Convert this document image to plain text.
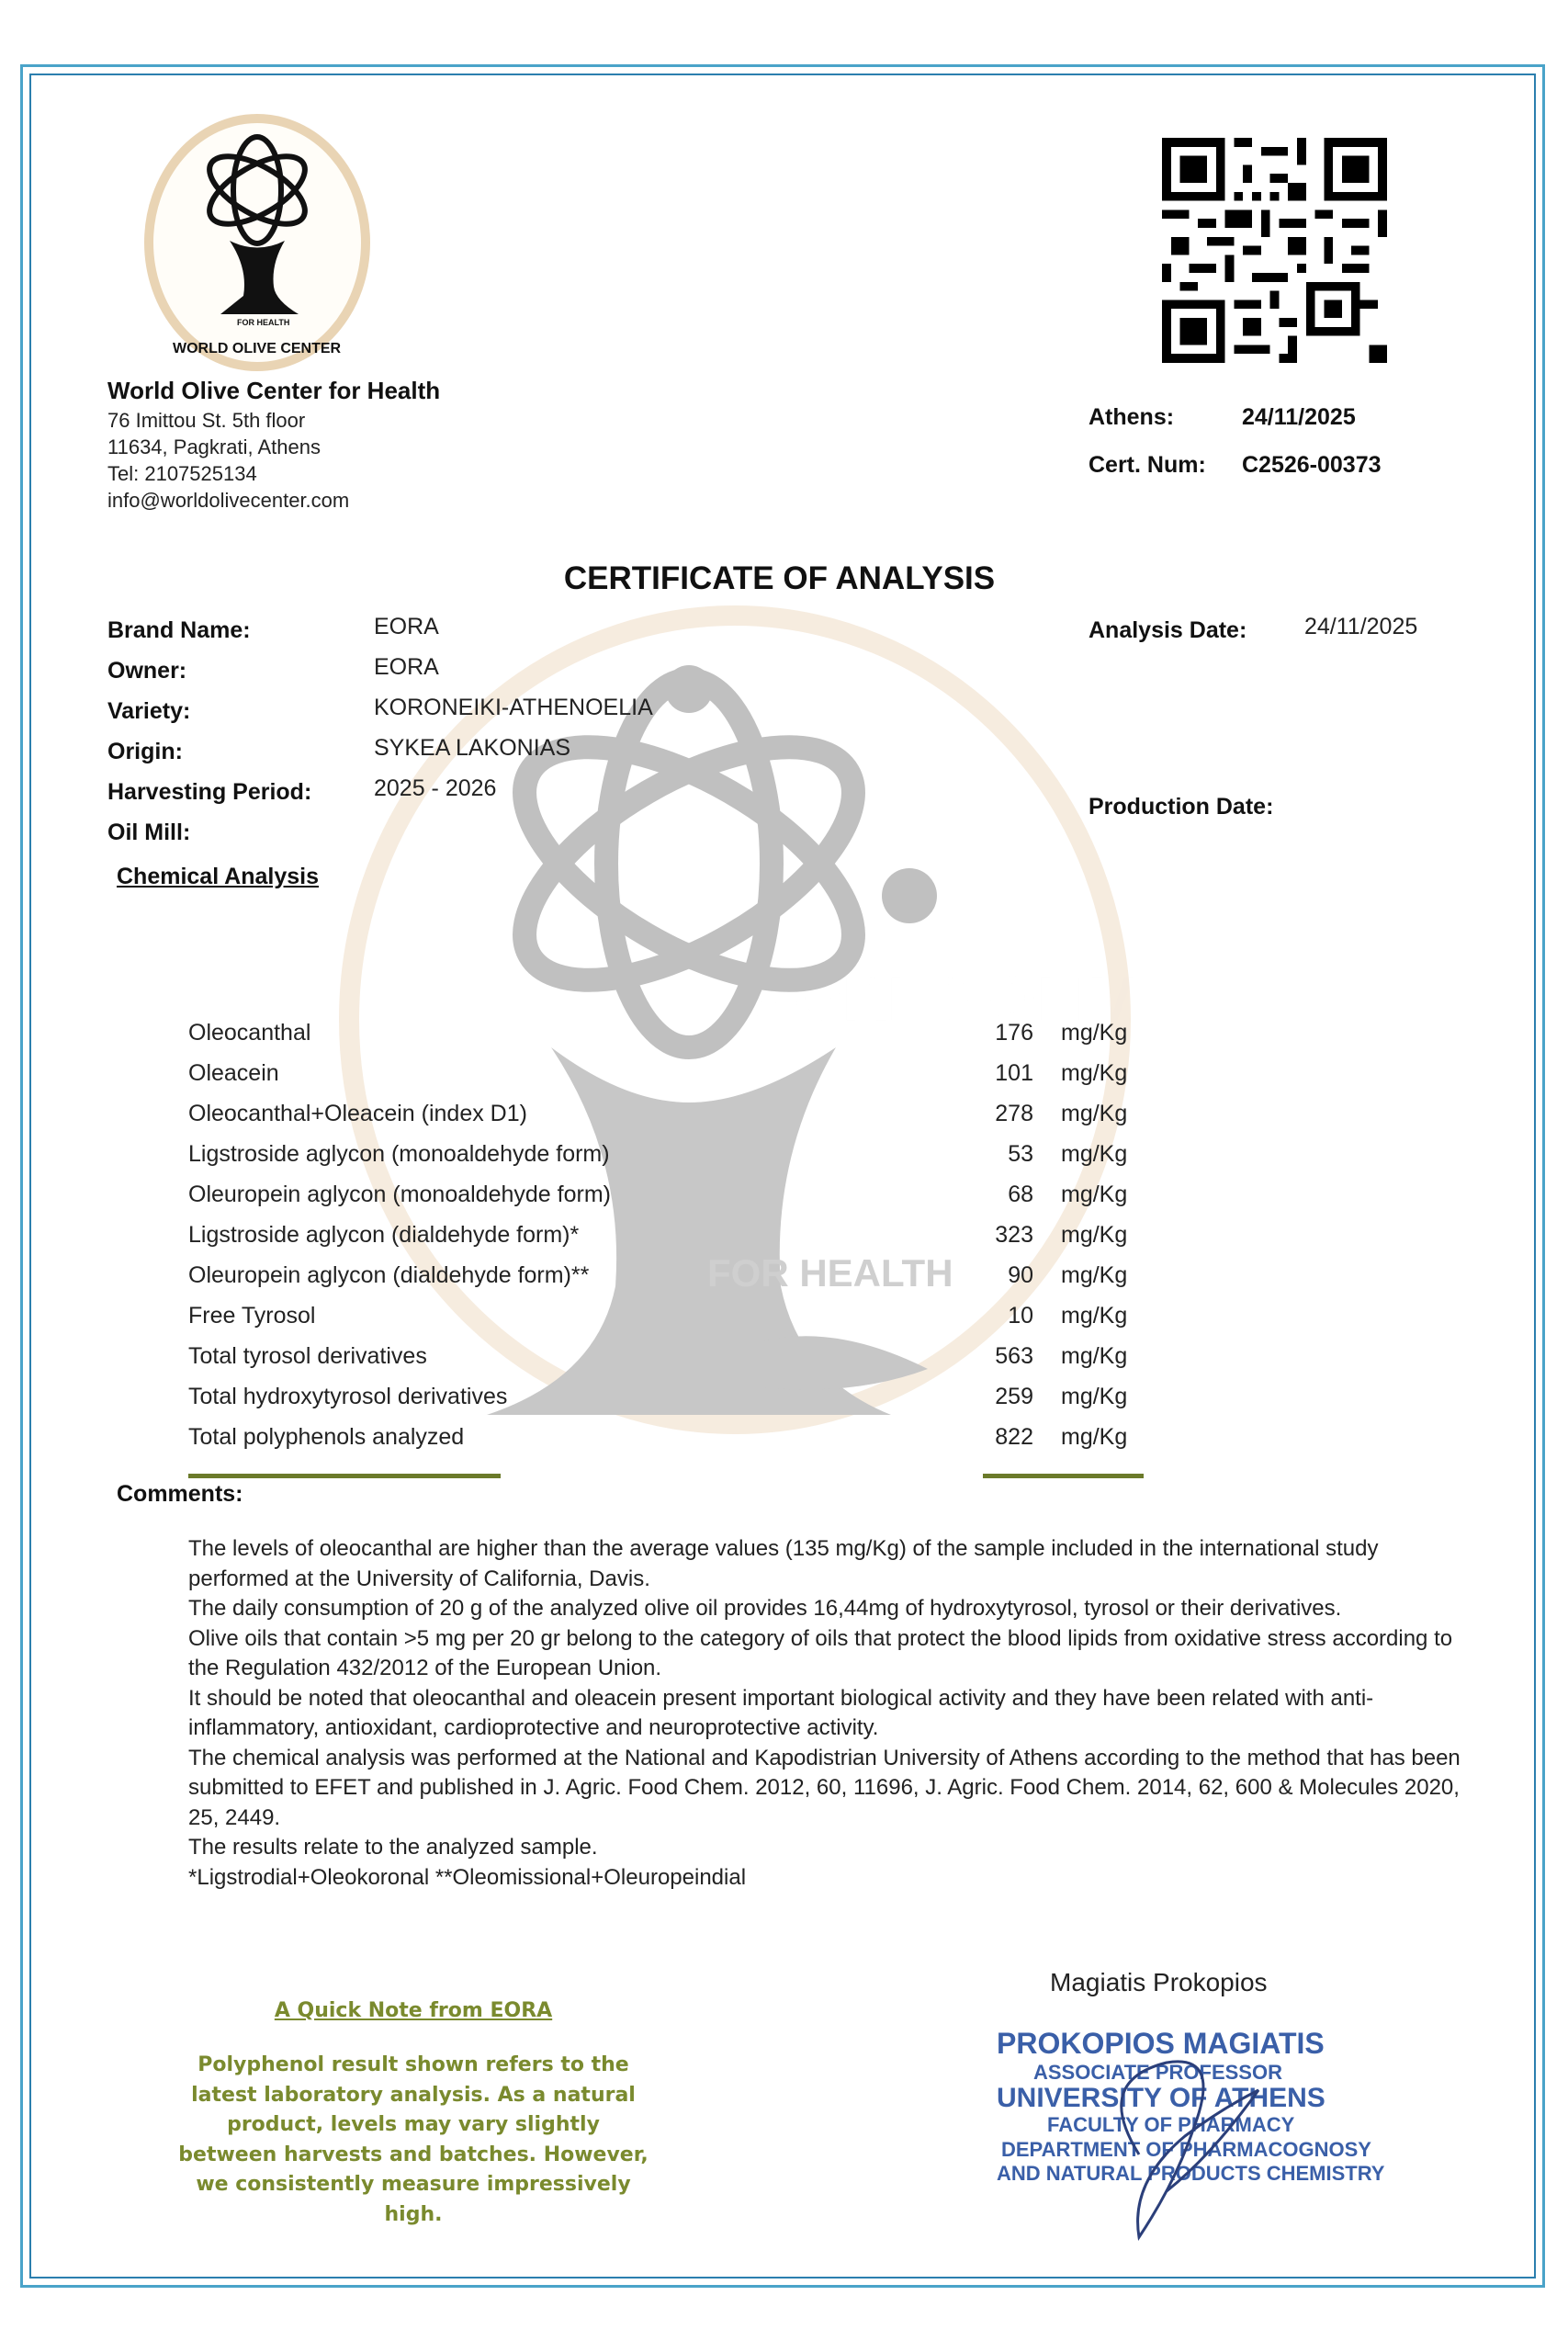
FOR HEALTH
FOR HEALTH
WORLD OLIVE CENTER
World Olive Center for Health
76 Imittou St. 5th floor
11634, Pagkrati, Athens
Tel: 2107525134
info@worldolivecenter.com
Athens:	24/11/2025
Cert. Num: C2526-00373
CERTIFICATE OF ANALYSIS
Brand Name:	EORA
Owner:	EORA
Variety:	KORONEIKI-ATHENOELIA
Origin:	SYKEA LAKONIAS
Harvesting Period:	2025 - 2026
Oil Mill:
Analysis Date:	24/11/2025
Production Date:
Chemical Analysis
Oleocanthal	176 mg/Kg
Oleacein	101 mg/Kg
Oleocanthal+Oleacein (index D1)	278 mg/Kg
Ligstroside aglycon (monoaldehyde form)	53 mg/Kg
Oleuropein aglycon (monoaldehyde form)	68 mg/Kg
Ligstroside aglycon (dialdehyde form)*	323 mg/Kg
Oleuropein aglycon (dialdehyde form)**	90 mg/Kg
Free Tyrosol	10 mg/Kg
Total tyrosol derivatives	563 mg/Kg
Total hydroxytyrosol derivatives	259 mg/Kg
Total polyphenols analyzed	822 mg/Kg
Comments:

The levels of oleocanthal are higher than the average values (135 mg/Kg) of the sample included in the international study performed at the University of California, Davis.

The daily consumption of 20 g of the analyzed olive oil provides 16,44mg of hydroxytyrosol, tyrosol or their derivatives.

Olive oils that contain >5 mg per 20 gr belong to the category of oils that protect the blood lipids from oxidative stress according to the Regulation 432/2012 of the European Union.

It should be noted that oleocanthal and oleacein present important biological activity and they have been related with anti-inflammatory, antioxidant, cardioprotective and neuroprotective activity.

The chemical analysis was performed at the National and Kapodistrian University of Athens according to the method that has been submitted to EFET and published in J. Agric. Food Chem. 2012, 60, 11696, J. Agric. Food Chem. 2014, 62, 600 & Molecules 2020, 25, 2449.

The results relate to the analyzed sample.

*Ligstrodial+Oleokoronal **Oleomissional+Oleuropeindial

A Quick Note from EORA
Polyphenol result shown refers to the latest laboratory analysis. As a natural product, levels may vary slightly between harvests and batches. However, we consistently measure impressively high.
Magiatis Prokopios
PROKOPIOS MAGIATIS
ASSOCIATE PROFESSOR
UNIVERSITY OF ATHENS
FACULTY OF PHARMACY
DEPARTMENT OF PHARMACOGNOSY
AND NATURAL PRODUCTS CHEMISTRY
